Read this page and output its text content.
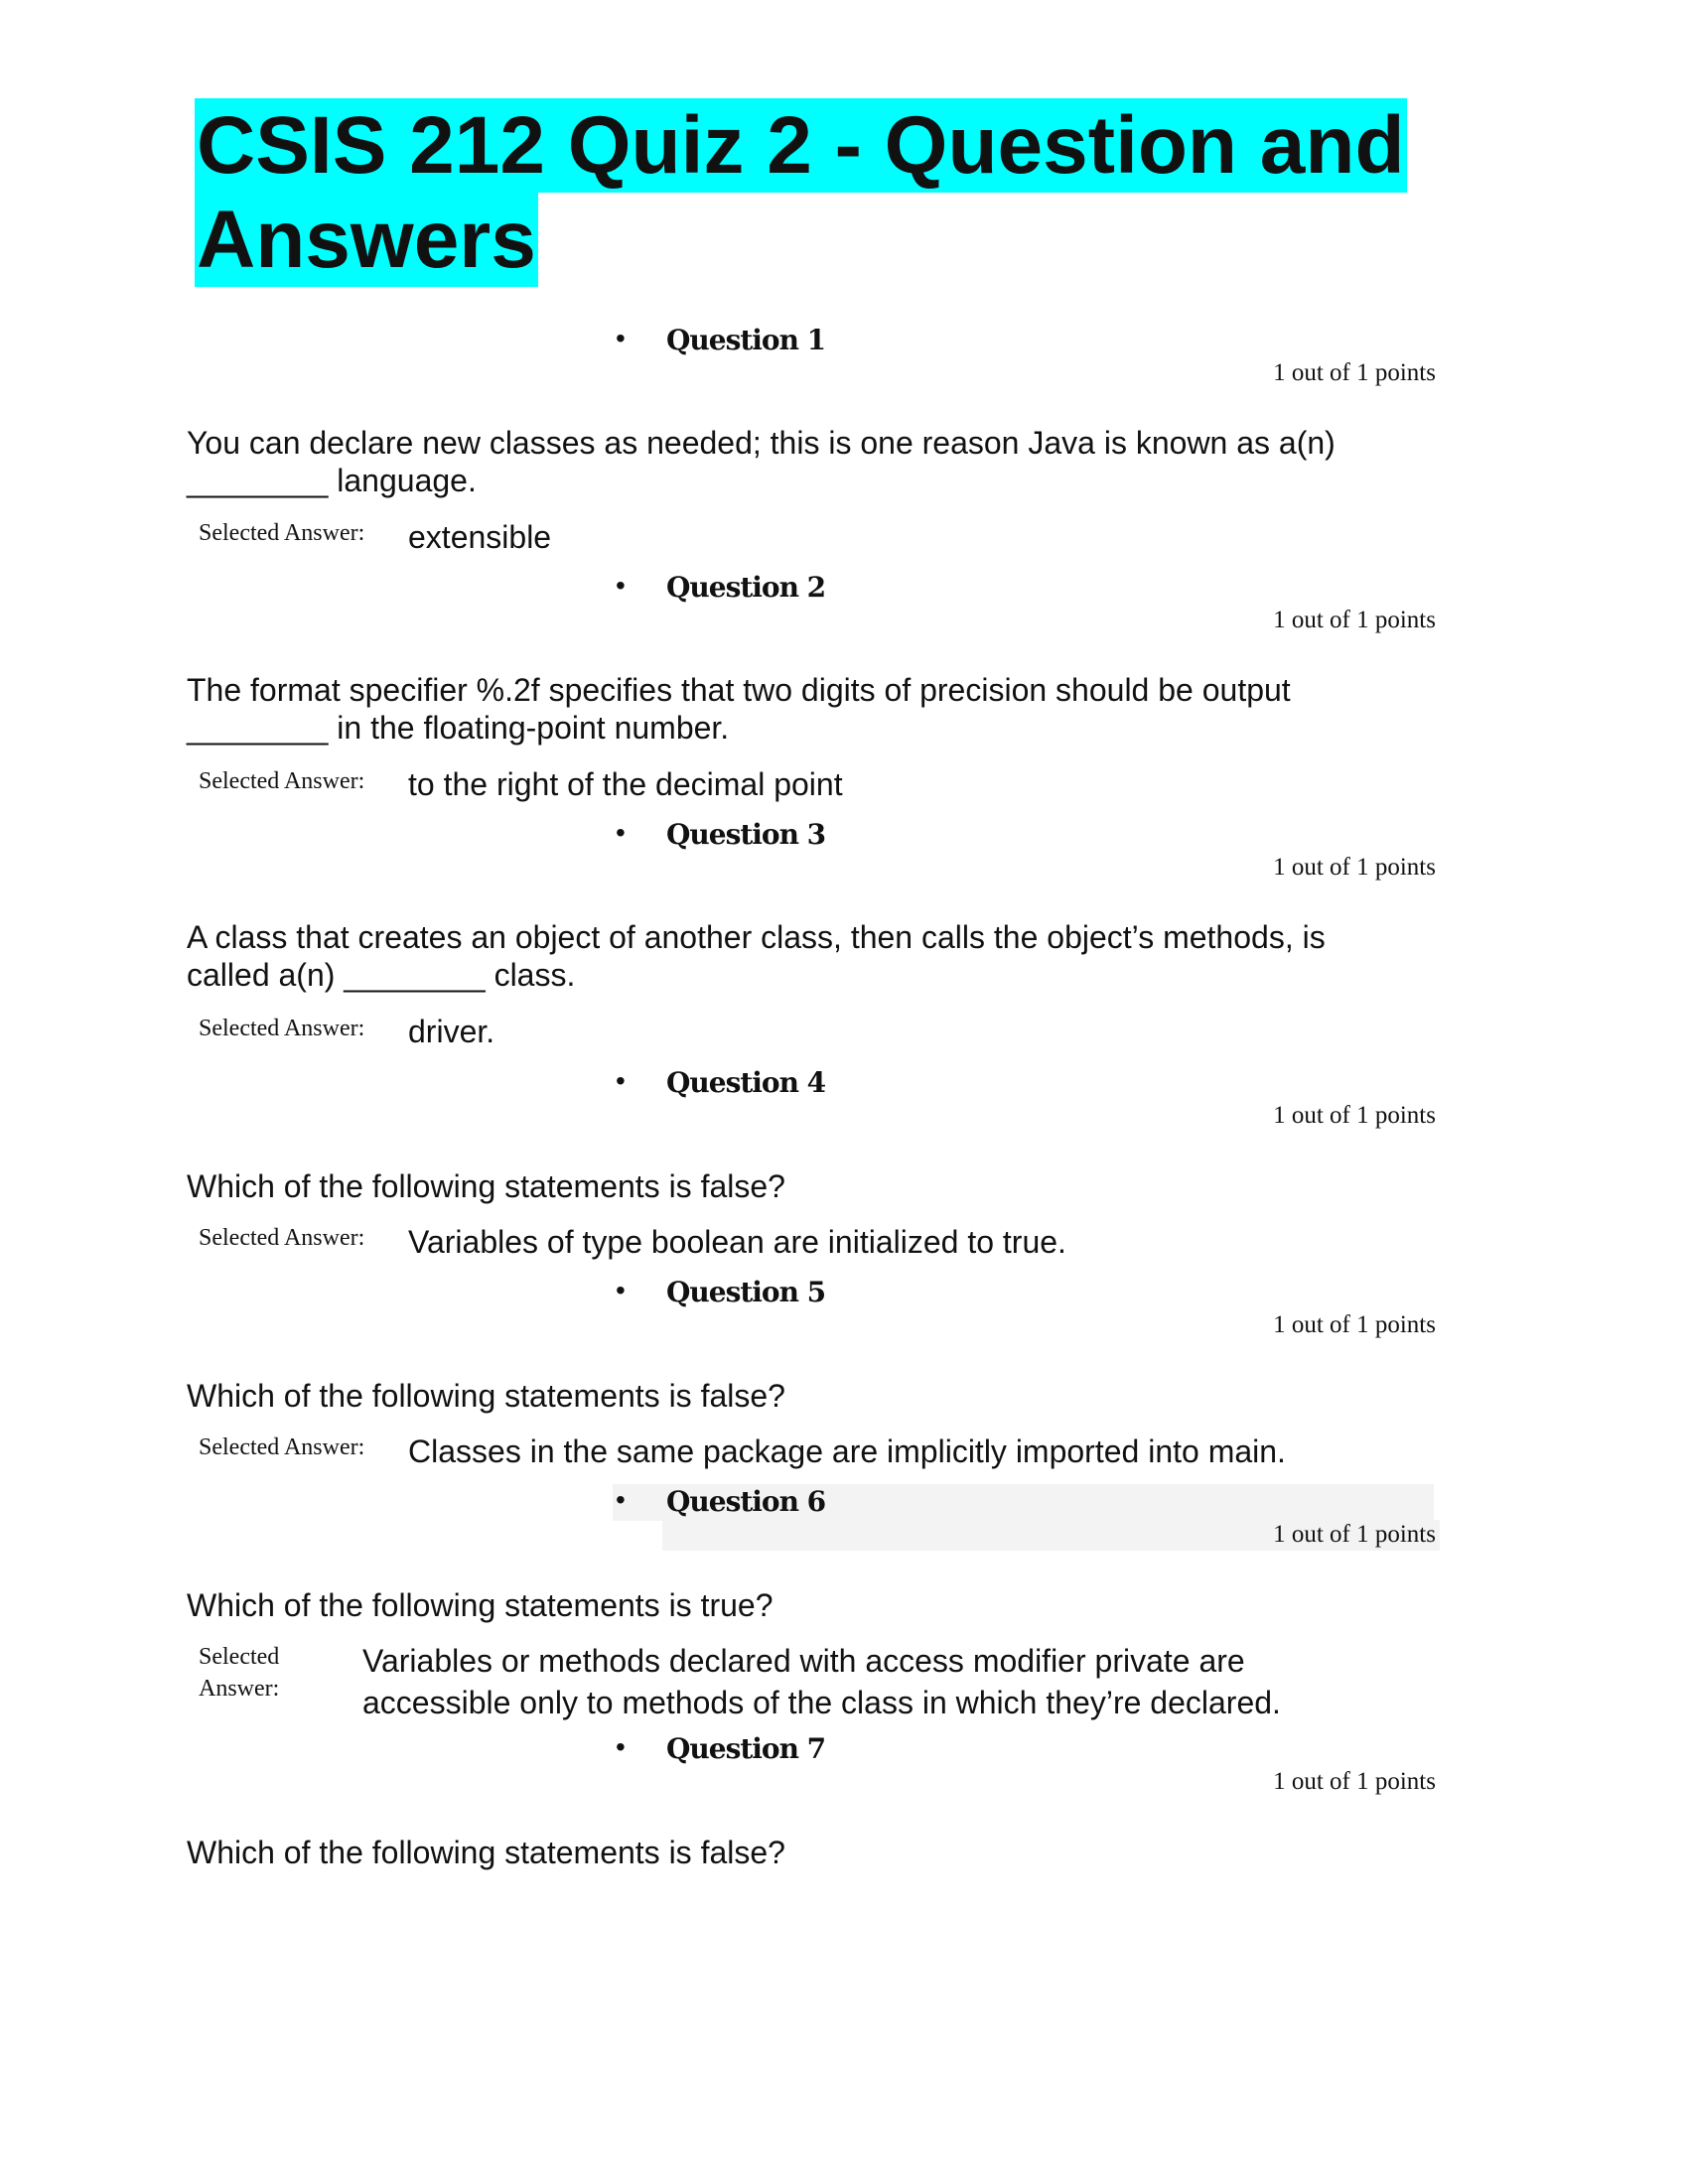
CSIS 212 Quiz 2 - Question and
Answers
• Question 1
1 out of 1 points
You can declare new classes as needed; this is one reason Java is known as a(n) ________ language.
Selected Answer: extensible
• Question 2
1 out of 1 points
The format specifier %.2f specifies that two digits of precision should be output ________ in the floating-point number.
Selected Answer: to the right of the decimal point
• Question 3
1 out of 1 points
A class that creates an object of another class, then calls the object’s methods, is called a(n) ________ class.
Selected Answer: driver.
• Question 4
1 out of 1 points
Which of the following statements is false?
Selected Answer: Variables of type boolean are initialized to true.
• Question 5
1 out of 1 points
Which of the following statements is false?
Selected Answer: Classes in the same package are implicitly imported into main.
• Question 6
1 out of 1 points
Which of the following statements is true?
Selected
Answer:
Variables or methods declared with access modifier private are accessible only to methods of the class in which they’re declared.
• Question 7
1 out of 1 points
Which of the following statements is false?
